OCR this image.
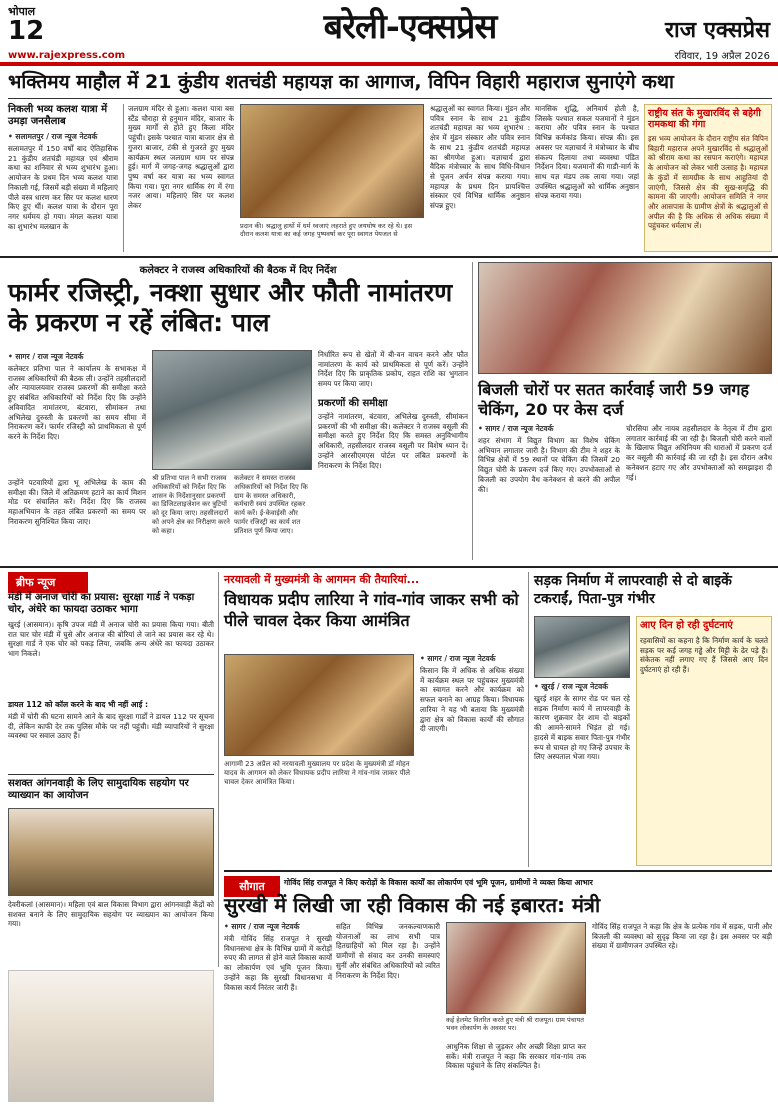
भोपाल
12	बरेली-एक्सप्रेस	राज एक्सप्रेस
www.rajexpress.com	रविवार, 19 अप्रैल 2026
भक्तिमय माहौल में 21 कुंडीय शतचंडी महायज्ञ का आगाज, विपिन विहारी महाराज सुनाएंगे कथा
निकली भव्य कलश यात्रा में उमड़ा जनसैलाब
• सलामतपुर / राज न्यूज नेटवर्क
सलामतपुर में 150 वर्षों बाद ऐतिहासिक 21 कुंडीय शतचंडी महायज्ञ एवं श्रीराम कथा का शनिवार से भव्य शुभारंभ हुआ। आयोजन के प्रथम दिन भव्य कलश यात्रा निकाली गई, जिसमें बड़ी संख्या में महिलाएं पीले वस्त्र धारण कर सिर पर कलश धारण किए हुए थीं। कलश यात्रा के दौरान पूरा नगर धर्ममय हो गया। मंगल कलश यात्रा का शुभारंभ मलखान के
जलग्राम मंदिर से हुआ। कलश यात्रा बस स्टैंड चौराहा से हनुमान मंदिर, बाजार के मुख्य मार्गों से होते हुए किला मंदिर पहुंची। इसके पश्चात यात्रा बाजार क्षेत्र से गुजरा बाजार, टंकी से गुजरते हुए मुख्य कार्यक्रम स्थल जलग्राम धाम पर संपन्न हुई। मार्ग में जगह-जगह श्रद्धालुओं द्वारा पुष्प वर्षा कर यात्रा का भव्य स्वागत किया गया। पूरा नगर धार्मिक रंग में रंगा नजर आया। महिलाएं सिर पर कलश लेकर
प्रदान की। श्रद्धालु हाथों में धर्म ध्वजाएं लहराते हुए जयघोष कर रहे थे। इस दौरान कलश यात्रा का कई जगह पुष्पवर्षा कर पूरा स्वागत पेयजल से
श्रद्धालुओं का स्वागत किया। मुंडन और पवित्र स्नान के साथ 21 कुंडीय शतचंडी महायज्ञ का भव्य शुभारंभ : क्षेत्र में मुंडन संस्कार और पवित्र स्नान के साथ 21 कुंडीय शतचंडी महायज्ञ का श्रीगणेश हुआ। यज्ञाचार्य द्वारा वैदिक मंत्रोच्चार के साथ विधि-विधान से पूजन अर्चन संपन्न कराया गया। महायज्ञ के प्रथम दिन प्रायश्चित्त संस्कार एवं विभिन्न धार्मिक अनुष्ठान संपन्न हुए।
मानसिक शुद्धि, अनिवार्य होती है, जिसके पश्चात सकल यजमानों ने मुंडन कराया और पवित्र स्नान के पश्चात विभिन्न कर्मकांड किया। संपन्न की। इस अवसर पर यज्ञाचार्य ने मंत्रोच्चार के बीच संकल्प दिलाया तथा व्यवस्था पंडित निर्देशन दिया। यजमानों की गाडी-मार्ग के साथ यज्ञ मंडप तक लाया गया। जहां उपस्थित श्रद्धालुओं को धार्मिक अनुष्ठान संपन्न कराया गया।
राष्ट्रीय संत के मुखारविंद से बहेगी रामकथा की गंगा
इस भव्य आयोजन के दौरान राष्ट्रीय संत विपिन बिहारी महाराज अपने मुखारविंद से श्रद्धालुओं को श्रीराम कथा का रसपान कराएंगे। महायज्ञ के आयोजन को लेकर भारी उत्साह है। महायज्ञ के कुंडों में सामग्रीक के साथ आहुतियां दी जाएंगी, जिससे क्षेत्र की सुख-समृद्धि की कामना की जाएगी। आयोजन समिति ने नगर और आसपास के ग्रामीण क्षेत्रों के श्रद्धालुओं से अपील की है कि अधिक से अधिक संख्या में पहुंचकर धर्मलाभ लें।
कलेक्टर ने राजस्व अधिकारियों की बैठक में दिए निर्देश
फार्मर रजिस्ट्री, नक्शा सुधार और फौती नामांतरण के प्रकरण न रहें लंबित: पाल
• सागर / राज न्यूज नेटवर्क
कलेक्टर प्रतिभा पाल ने कार्यालय के सभाकक्ष में राजस्व अधिकारियों की बैठक ली। उन्होंने तहसीलदारों और न्यायालयवार राजस्व प्रकरणों की समीक्षा करते हुए संबंधित अधिकारियों को निर्देश दिए कि उन्होंने अविवादित नामांतरण, बंटवारा, सीमांकन तथा अभिलेख दुरुस्ती के प्रकरणों का समय सीमा में निराकरण करें। फार्मर रजिस्ट्री को प्राथमिकता से पूर्ण करने के निर्देश दिए।
उन्होंने पटवारियों द्वारा भू अभिलेख के काम की समीक्षा की। जिले में अतिक्रमण हटाने का कार्य मिशन मोड पर संचालित करें। निर्देश दिए कि राजस्व महाअभियान के तहत लंबित प्रकरणों का समय पर निराकरण सुनिश्चित किया जाए।
श्री प्रतिभा पाल ने सभी राजस्व अधिकारियों को निर्देश दिए कि शासन के निर्देशानुसार प्रकरणों का डिजिटलाइजेशन कर त्रुटियों को दूर किया जाए। तहसीलदारों को अपने क्षेत्र का निरीक्षण करने को कहा।
कलेक्टर ने समस्त राजस्व अधिकारियों को निर्देश दिए कि ग्राम के समस्त अधिकारी, कर्मचारी स्वयं उपस्थित रहकर कार्य करें। ई-केवाईसी और फार्मर रजिस्ट्री का कार्य शत प्रतिशत पूर्ण किया जाए।
निर्धारित रूप से खेतों में बी-वन वाचन करने और फौत नामांतरण के कार्य को प्राथमिकता से पूर्ण करें। उन्होंने निर्देश दिए कि प्राकृतिक प्रकोप, राहत राशि का भुगतान समय पर किया जाए।
प्रकरणों की समीक्षा
उन्होंने नामांतरण, बंटवारा, अभिलेख दुरुस्ती, सीमांकन प्रकरणों की भी समीक्षा की। कलेक्टर ने राजस्व वसूली की समीक्षा करते हुए निर्देश दिए कि समस्त अनुविभागीय अधिकारी, तहसीलदार राजस्व वसूली पर विशेष ध्यान दें। उन्होंने आरसीएमएस पोर्टल पर लंबित प्रकरणों के निराकरण के निर्देश दिए।
बिजली चोरों पर सतत कार्रवाई जारी 59 जगह चेकिंग, 20 पर केस दर्ज
• सागर / राज न्यूज नेटवर्क
शहर संभाग में विद्युत विभाग का विशेष चेकिंग अभियान लगातार जारी है। विभाग की टीम ने शहर के विभिन्न क्षेत्रों में 59 स्थानों पर चेकिंग की जिसमें 20 विद्युत चोरी के प्रकरण दर्ज किए गए। उपभोक्ताओं से बिजली का उपयोग वैध कनेक्शन से करने की अपील की।
चौरसिया और नायब तहसीलदार के नेतृत्व में टीम द्वारा लगातार कार्रवाई की जा रही है। बिजली चोरी करने वालों के खिलाफ विद्युत अधिनियम की धाराओं में प्रकरण दर्ज कर वसूली की कार्रवाई की जा रही है। इस दौरान अवैध कनेक्शन हटाए गए और उपभोक्ताओं को समझाइश दी गई।
ब्रीफ न्यूज
मंडी में अनाज चोरी का प्रयास: सुरक्षा गार्ड ने पकड़ा चोर, अंधेरे का फायदा उठाकर भागा
खुरई (आसमान)। कृषि उपज मंडी में अनाज चोरी का प्रयास किया गया। बीती रात चार चोर मंडी में घुसे और अनाज की बोरियां ले जाने का प्रयास कर रहे थे। सुरक्षा गार्ड ने एक चोर को पकड़ लिया, जबकि अन्य अंधेरे का फायदा उठाकर भाग निकले।
डायल 112 को कॉल करने के बाद भी नहीं आई :
मंडी में चोरी की घटना सामने आने के बाद सुरक्षा गार्डों ने डायल 112 पर सूचना दी, लेकिन काफी देर तक पुलिस मौके पर नहीं पहुंची। मंडी व्यापारियों ने सुरक्षा व्यवस्था पर सवाल उठाए हैं।
सशक्त आंगनवाड़ी के लिए सामुदायिक सहयोग पर व्याख्यान का आयोजन
देवरीकलां (आसमान)। महिला एवं बाल विकास विभाग द्वारा आंगनवाड़ी केंद्रों को सशक्त बनाने के लिए सामुदायिक सहयोग पर व्याख्यान का आयोजन किया गया।
नरयावली में मुख्यमंत्री के आगमन की तैयारियां...
विधायक प्रदीप लारिया ने गांव-गांव जाकर सभी को पीले चावल देकर किया आमंत्रित
• सागर / राज न्यूज नेटवर्क
किसान कि में अधिक से अधिक संख्या में कार्यक्रम स्थल पर पहुंचकर मुख्यमंत्री का स्वागत करने और कार्यक्रम को सफल बनाने का आग्रह किया। विधायक लारिया ने यह भी बताया कि मुख्यमंत्री द्वारा क्षेत्र को विकास कार्यों की सौगात दी जाएगी।
आगामी 23 अप्रैल को नरयावली मुख्यालय पर प्रदेश के मुख्यमंत्री डॉ मोहन यादव के आगमन को लेकर विधायक प्रदीप लारिया ने गांव-गांव जाकर पीले चावल देकर आमंत्रित किया।
सड़क निर्माण में लापरवाही से दो बाइकें टकराईं, पिता-पुत्र गंभीर
• खुरई / राज न्यूज नेटवर्क
खुरई शहर के सागर रोड पर चल रहे सड़क निर्माण कार्य में लापरवाही के कारण शुक्रवार देर शाम दो बाइकों की आमने-सामने भिड़ंत हो गई। हादसे में बाइक सवार पिता-पुत्र गंभीर रूप से घायल हो गए जिन्हें उपचार के लिए अस्पताल भेजा गया।
आए दिन हो रही दुर्घटनाएं
रहवासियों का कहना है कि निर्माण कार्य के चलते सड़क पर कई जगह गड्ढे और मिट्टी के ढेर पड़े हैं। संकेतक नहीं लगाए गए हैं जिससे आए दिन दुर्घटनाएं हो रही हैं।
सौगात	गोविंद सिंह राजपूत ने किए करोड़ों के विकास कार्यों का लोकार्पण एवं भूमि पूजन, ग्रामीणों ने व्यक्त किया आभार
सुरखी में लिखी जा रही विकास की नई इबारत: मंत्री
• सागर / राज न्यूज नेटवर्क
मंत्री गोविंद सिंह राजपूत ने सुरखी विधानसभा क्षेत्र के विभिन्न ग्रामों में करोड़ों रुपए की लागत से होने वाले विकास कार्यों का लोकार्पण एवं भूमि पूजन किया। उन्होंने कहा कि सुरखी विधानसभा में विकास कार्य निरंतर जारी हैं।
सहित विभिन्न जनकल्याणकारी योजनाओं का लाभ सभी पात्र हितग्राहियों को मिल रहा है। उन्होंने ग्रामीणों से संवाद कर उनकी समस्याएं सुनीं और संबंधित अधिकारियों को त्वरित निराकरण के निर्देश दिए।
कई हेलमेट वितरित करते हुए मंत्री श्री राजपूत। ग्राम पंचायत भवन लोकार्पण के अवसर पर।
आधुनिक शिक्षा से जुड़कर और अच्छी शिक्षा प्राप्त कर सकें। मंत्री राजपूत ने कहा कि सरकार गांव-गांव तक विकास पहुंचाने के लिए संकल्पित है।
गोविंद सिंह राजपूत ने कहा कि क्षेत्र के प्रत्येक गांव में सड़क, पानी और बिजली की व्यवस्था को सुदृढ़ किया जा रहा है। इस अवसर पर बड़ी संख्या में ग्रामीणजन उपस्थित रहे।
